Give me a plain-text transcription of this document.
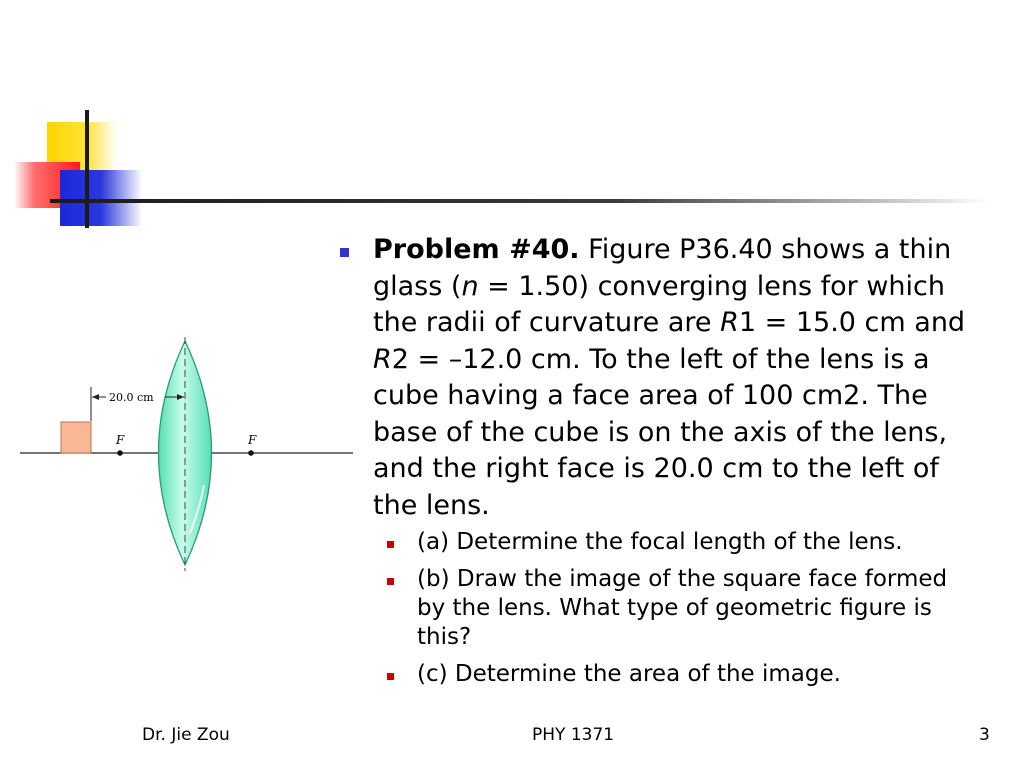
F	F
20.0 cm
Problem #40. Figure P36.40 shows a thin glass (n = 1.50) converging lens for which the radii of curvature are R1 = 15.0 cm and R2 = –12.0 cm. To the left of the lens is a cube having a face area of 100 cm2. The base of the cube is on the axis of the lens, and the right face is 20.0 cm to the left of the lens.
(a) Determine the focal length of the lens.
(b) Draw the image of the square face formed by the lens. What type of geometric figure is this?
(c) Determine the area of the image.
Dr. Jie Zou	PHY 1371	3
